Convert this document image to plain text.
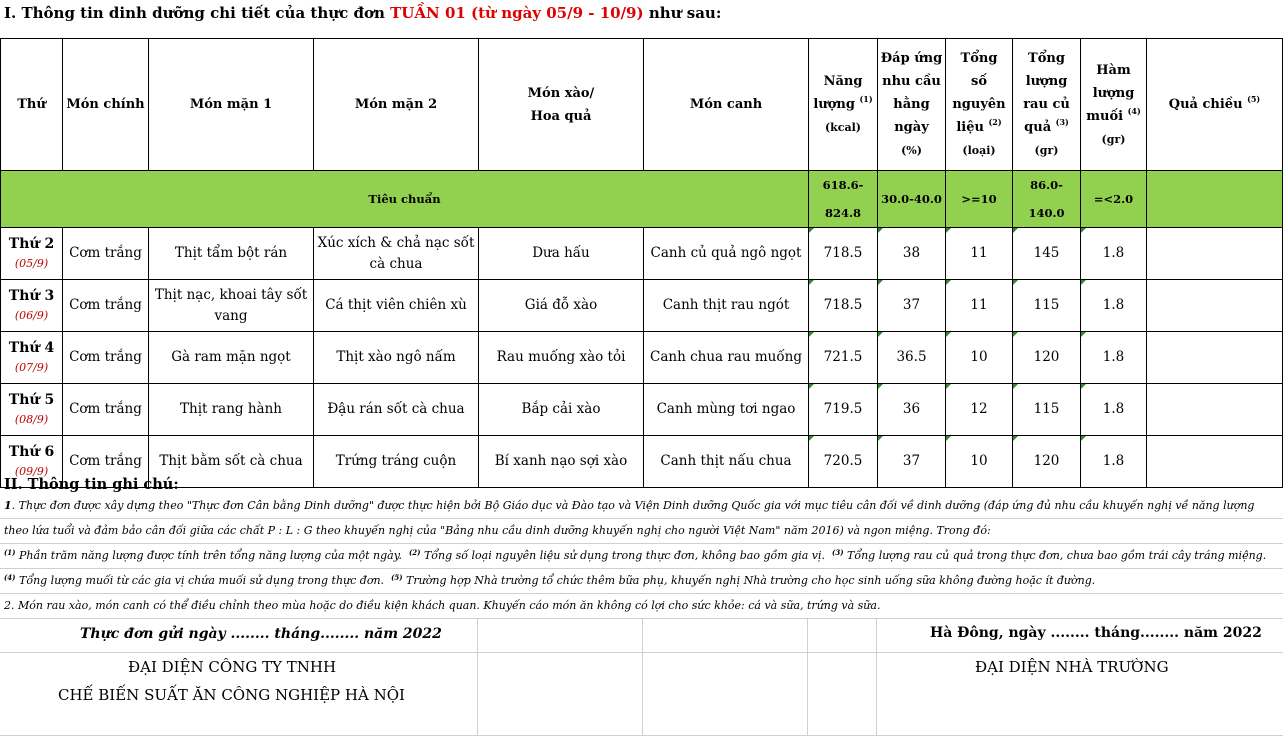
I. Thông tin dinh dưỡng chi tiết của thực đơn TUẦN 01 (từ ngày 05/9 - 10/9) như sau:
Thứ	Món chính	Món mặn 1	Món mặn 2	Món xào/
Hoa quả	Món canh	Năng
lượng $^{(1)}$
(kcal)	Đáp ứng
nhu cầu
hằng
ngày
(%)	Tổng
số
nguyên
liệu $^{(2)}$
(loại)	Tổng
lượng
rau củ
quả $^{(3)}$
(gr)	Hàm
lượng
muối $^{(4)}$
(gr)	Quả chiều $^{(5)}$
Tiêu chuẩn						618.6-824.8	30.0-40.0	>=10	86.0-140.0	=<2.0	

Thứ 2
(05/9)	Cơm trắng	Thịt tẩm bột rán	Xúc xích & chả nạc sốt cà chua	Dưa hấu	Canh củ quả ngô ngọt	718.5	38	11	145	1.8	

Thứ 3
(06/9)	Cơm trắng	Thịt nạc, khoai tây sốt vang	Cá thịt viên chiên xù	Giá đỗ xào	Canh thịt rau ngót	718.5	37	11	115	1.8	

Thứ 4
(07/9)	Cơm trắng	Gà ram mặn ngọt	Thịt xào ngô nấm	Rau muống xào tỏi	Canh chua rau muống	721.5	36.5	10	120	1.8	

Thứ 5
(08/9)	Cơm trắng	Thịt rang hành	Đậu rán sốt cà chua	Bắp cải xào	Canh mùng tơi ngao	719.5	36	12	115	1.8	

Thứ 6
(09/9)	Cơm trắng	Thịt bằm sốt cà chua	Trứng tráng cuộn	Bí xanh nạo sợi xào	Canh thịt nấu chua	720.5	37	10	120	1.8	
II. Thông tin ghi chú:
1. Thực đơn được xây dựng theo "Thực đơn Cân bằng Dinh dưỡng" được thực hiện bởi Bộ Giáo dục và Đào tạo và Viện Dinh dưỡng Quốc gia với mục tiêu cân đối về dinh dưỡng (đáp ứng đủ nhu cầu khuyến nghị về năng lượng
theo lứa tuổi và đảm bảo cân đối giữa các chất P : L : G theo khuyến nghị của "Bảng nhu cầu dinh dưỡng khuyến nghị cho người Việt Nam" năm 2016) và ngon miệng. Trong đó:
$^{(1)}$ Phần trăm năng lượng được tính trên tổng năng lượng của một ngày. $^{(2)}$ Tổng số loại nguyên liệu sử dụng trong thực đơn, không bao gồm gia vị. $^{(3)}$ Tổng lượng rau củ quả trong thực đơn, chưa bao gồm trái cây tráng miệng.
$^{(4)}$ Tổng lượng muối từ các gia vị chứa muối sử dụng trong thực đơn. $^{(5)}$ Trường hợp Nhà trường tổ chức thêm bữa phụ, khuyến nghị Nhà trường cho học sinh uống sữa không đường hoặc ít đường.
2. Món rau xào, món canh có thể điều chỉnh theo mùa hoặc do điều kiện khách quan. Khuyến cáo món ăn không có lợi cho sức khỏe: cá và sữa, trứng và sữa.
Thực đơn gửi ngày ........ tháng........ năm 2022	Hà Đông, ngày ........ tháng........ năm 2022
ĐẠI DIỆN CÔNG TY TNHH
CHẾ BIẾN SUẤT ĂN CÔNG NGHIỆP HÀ NỘI
ĐẠI DIỆN NHÀ TRƯỜNG
